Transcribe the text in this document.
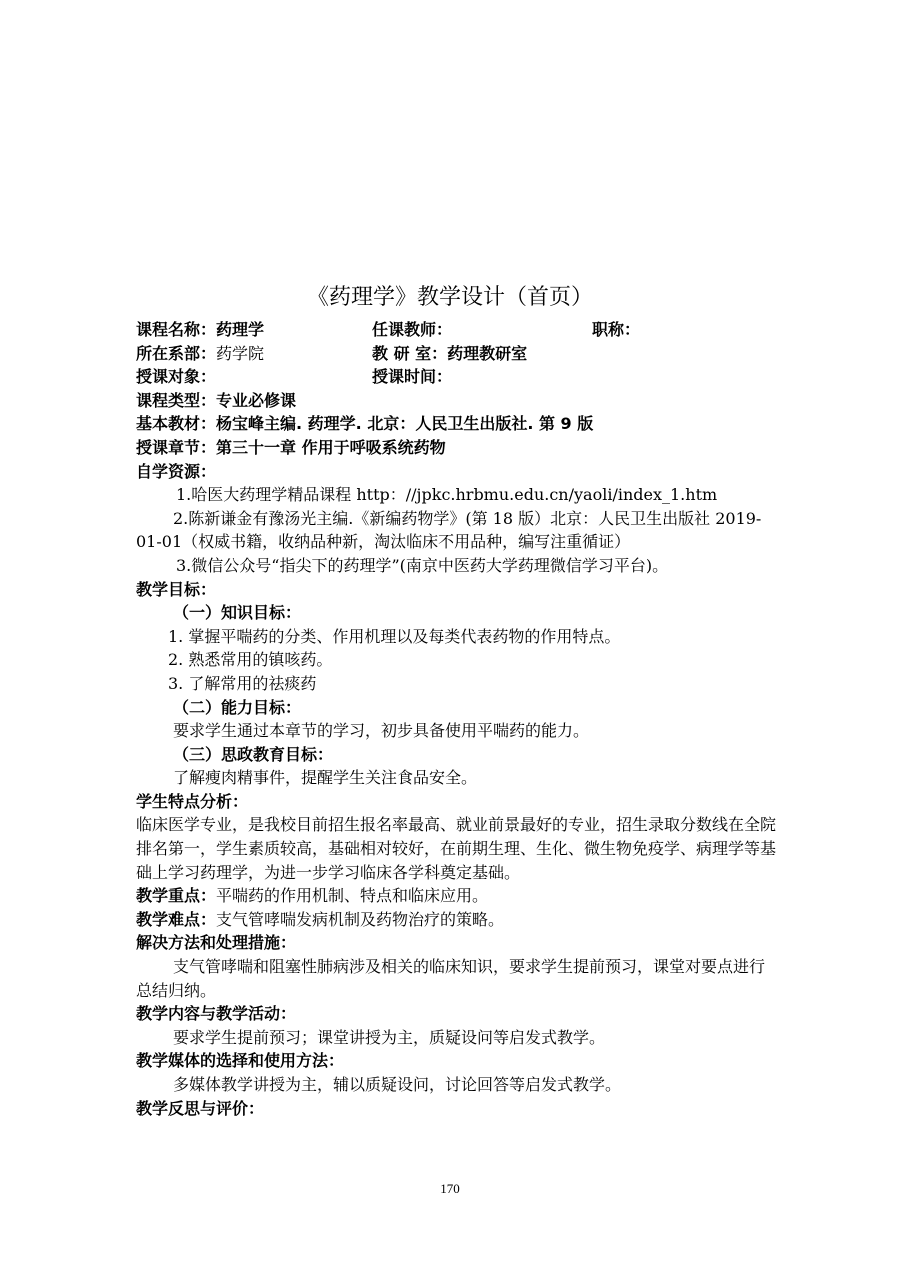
《药理学》教学设计（首页）
课程名称：药理学	任课教师：	职称：
所在系部：药学院	教 研 室：药理教研室
授课对象：	授课时间：
课程类型：专业必修课
基本教材：杨宝峰主编. 药理学. 北京：人民卫生出版社. 第 9 版
授课章节：第三十一章 作用于呼吸系统药物
自学资源：
1.哈医大药理学精品课程 http：//jpkc.hrbmu.edu.cn/yaoli/index_1.htm
2.陈新谦金有豫汤光主编.《新编药物学》(第 18 版）北京：人民卫生出版社 2019-01-01（权威书籍，收纳品种新，淘汰临床不用品种，编写注重循证）
3.微信公众号“指尖下的药理学”(南京中医药大学药理微信学习平台)。
教学目标：
（一）知识目标：
1. 掌握平喘药的分类、作用机理以及每类代表药物的作用特点。
2. 熟悉常用的镇咳药。
3. 了解常用的祛痰药
（二）能力目标：
要求学生通过本章节的学习，初步具备使用平喘药的能力。
（三）思政教育目标：
了解瘦肉精事件，提醒学生关注食品安全。
学生特点分析：
临床医学专业，是我校目前招生报名率最高、就业前景最好的专业，招生录取分数线在全院排名第一，学生素质较高，基础相对较好，在前期生理、生化、微生物免疫学、病理学等基础上学习药理学，为进一步学习临床各学科奠定基础。
教学重点：平喘药的作用机制、特点和临床应用。
教学难点：支气管哮喘发病机制及药物治疗的策略。
解决方法和处理措施：
支气管哮喘和阻塞性肺病涉及相关的临床知识，要求学生提前预习，课堂对要点进行总结归纳。
教学内容与教学活动：
要求学生提前预习；课堂讲授为主，质疑设问等启发式教学。
教学媒体的选择和使用方法：
多媒体教学讲授为主，辅以质疑设问，讨论回答等启发式教学。
教学反思与评价：
170
